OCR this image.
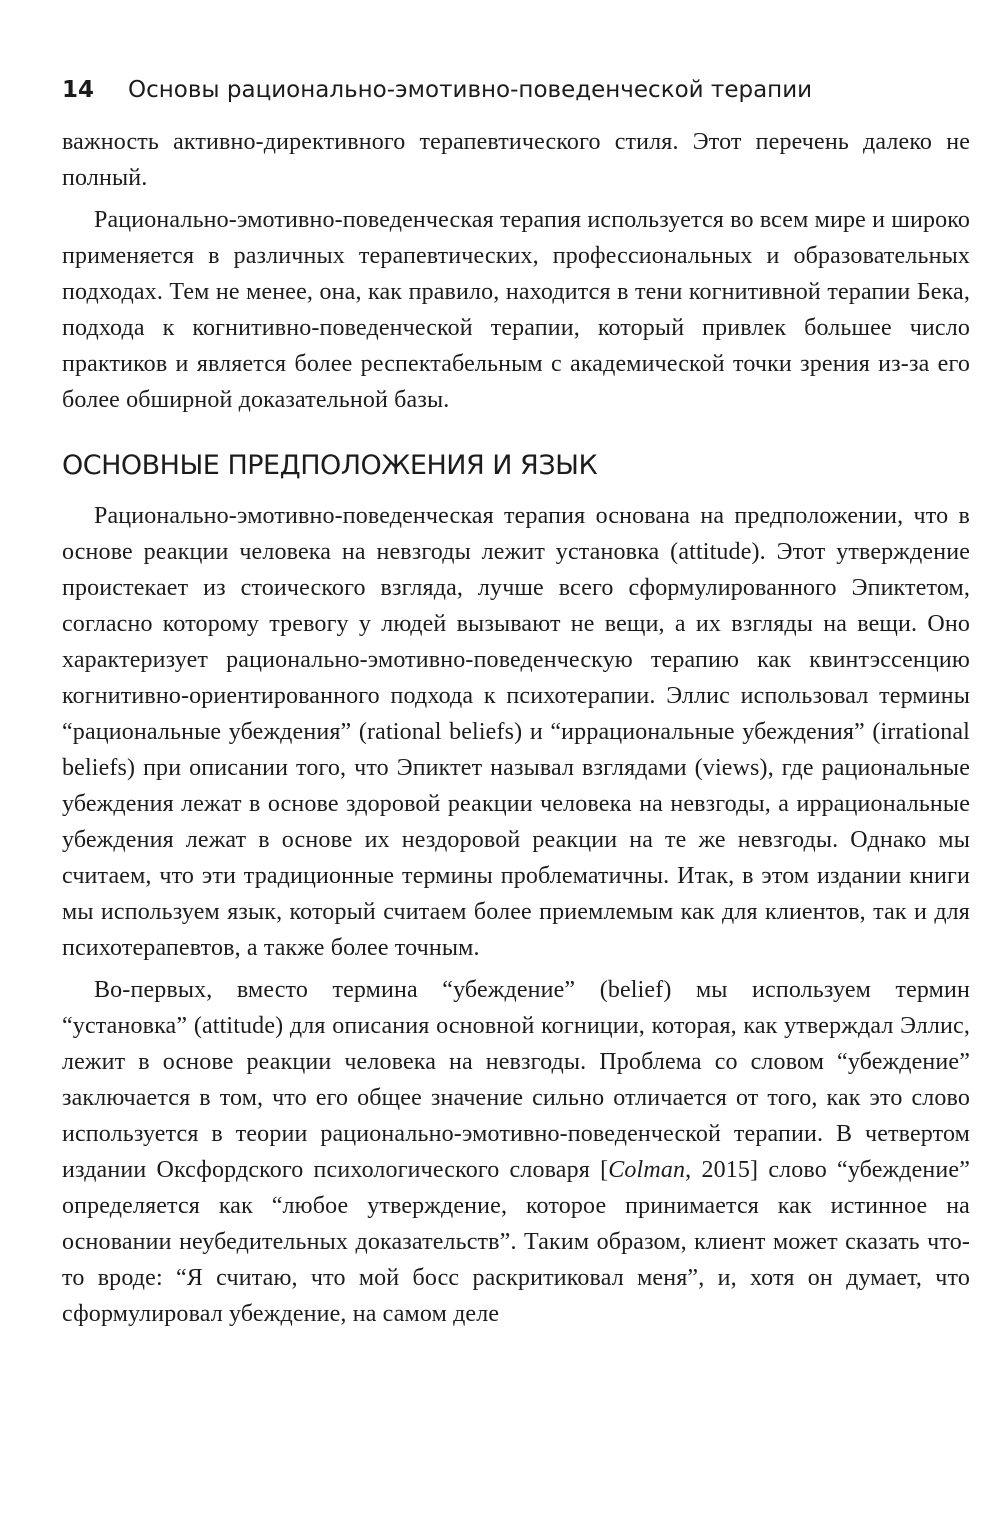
14 Основы рационально-эмотивно-поведенческой терапии

важность активно-директивного терапевтического стиля. Этот перечень далеко не полный.

Рационально-эмотивно-поведенческая терапия используется во всем мире и широко применяется в различных терапевтических, профессиональных и образовательных подходах. Тем не менее, она, как правило, находится в тени когнитивной терапии Бека, подхода к когнитивно-поведенческой терапии, который привлек большее число практиков и является более респектабельным с академической точки зрения из-за его более обширной доказательной базы.

ОСНОВНЫЕ ПРЕДПОЛОЖЕНИЯ И ЯЗЫК

Рационально-эмотивно-поведенческая терапия основана на предположении, что в основе реакции человека на невзгоды лежит установка (attitude). Этот утверждение проистекает из стоического взгляда, лучше всего сформулированного Эпиктетом, согласно которому тревогу у людей вызывают не вещи, а их взгляды на вещи. Оно характеризует рационально-эмотивно-поведенческую терапию как квинтэссенцию когнитивно-ориентированного подхода к психотерапии. Эллис использовал термины “рациональные убеждения” (rational beliefs) и “иррациональные убеждения” (irrational beliefs) при описании того, что Эпиктет называл взглядами (views), где рациональные убеждения лежат в основе здоровой реакции человека на невзгоды, а иррациональные убеждения лежат в основе их нездоровой реакции на те же невзгоды. Однако мы считаем, что эти традиционные термины проблематичны. Итак, в этом издании книги мы используем язык, который считаем более приемлемым как для клиентов, так и для психотерапевтов, а также более точным.

Во-первых, вместо термина “убеждение” (belief) мы используем термин “установка” (attitude) для описания основной когниции, которая, как утверждал Эллис, лежит в основе реакции человека на невзгоды. Проблема со словом “убеждение” заключается в том, что его общее значение сильно отличается от того, как это слово используется в теории рационально-эмотивно-поведенческой терапии. В четвертом издании Оксфордского психологического словаря [Colman, 2015] слово “убеждение” определяется как “любое утверждение, которое принимается как истинное на основании неубедительных доказательств”. Таким образом, клиент может сказать что-то вроде: “Я считаю, что мой босс раскритиковал меня”, и, хотя он думает, что сформулировал убеждение, на самом деле
